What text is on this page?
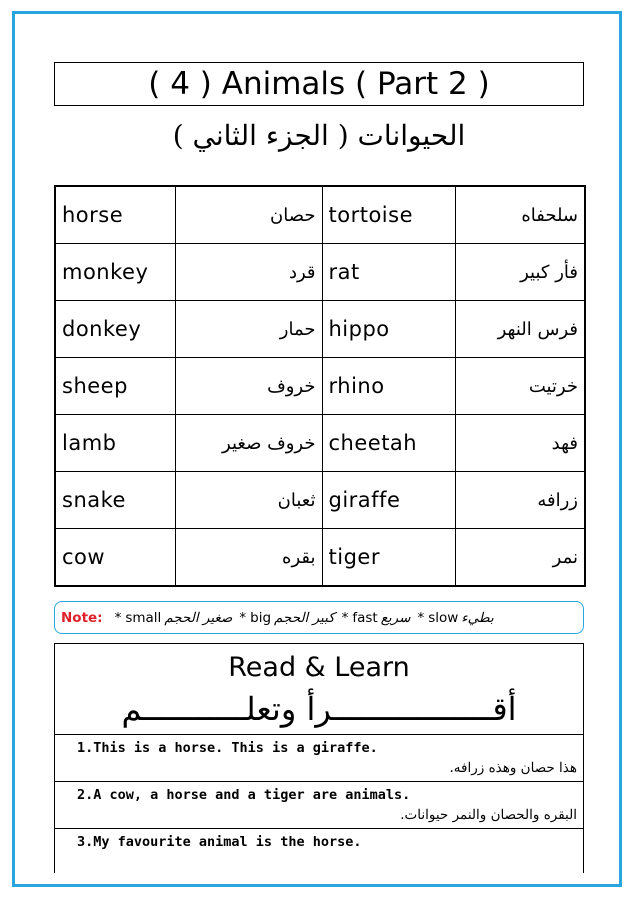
( 4 ) Animals ( Part 2 )
الحيوانات ( الجزء الثاني )
horse	حصان	tortoise	سلحفاه
monkey	قرد	rat	فأر كبير
donkey	حمار	hippo	فرس النهر
sheep	خروف	rhino	خرتيت
lamb	خروف صغير	cheetah	فهد
snake	ثعبان	giraffe	زرافه
cow	بقره	tiger	نمر
Note: * small صغير الحجم * big كبير الحجم * fast سريع * slow بطيء
Read & Learn
أقـــــــــــــــــرأ وتعلـــــــــــم
1.This is a horse. This is a giraffe.
هذا حصان وهذه زرافه.
2.A cow, a horse and a tiger are animals.
البقره والحصان والنمر حيوانات.
3.My favourite animal is the horse.
